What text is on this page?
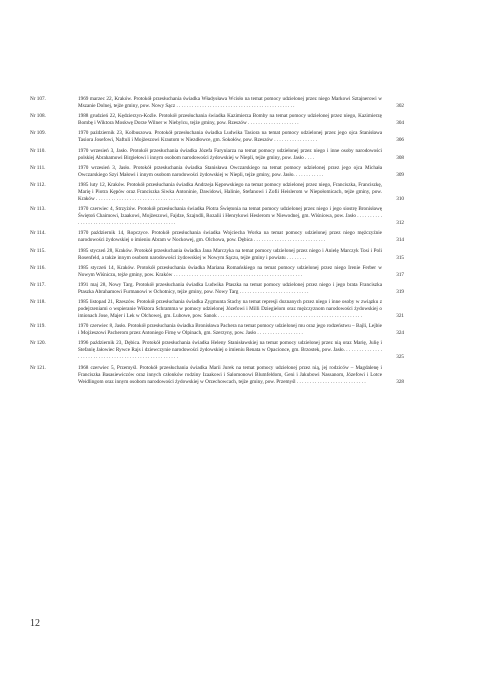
Nr 107.	1969 marzec 22, Kraków. Protokół przesłuchania świadka Władysława Wcisło na temat pomocy udzielonej przez niego Markowi Sztajnerowi w Mszanie Dolnej, tejże gminy, pow. Nowy Sącz . . . . . . . . . . . . . . . . . . . . . . . . . . . . . . . . . . . . . . . . . . . . . .	302
Nr 108.	1988 grudzień 22, Kędzierzyn-Koźle. Protokół przesłuchania świadka Kazimierza Bomby na temat pomocy udzielonej przez niego, Kazimierzę Bombę i Wiktora Moskwę Dorze Wilner w Niebylcu, tejże gminy, pow. Rzeszów . . . . . . . . . . . . . . . . . . . .	304
Nr 109.	1970 październik 23, Kolbuszowa. Protokół przesłuchania świadka Ludwika Tasiora na temat pomocy udzielonej przez jego ojca Stanisława Tasiora Josefowi, Naftuli i Mojżeszowi Krautom w Niezdłowce, gm. Sokołów, pow. Rzeszów . . . . . . . . . . . . . . . . .	306
Nr 110.	1970 wrzesień 3, Jasło. Protokół przesłuchania świadka Józefa Faryniarza na temat pomocy udzielonej przez niego i inne osoby narodowości polskiej Abrahamowi Birgiełowi i innym osobom narodowości żydowskiej w Niepli, tejże gminy, pow. Jasło . . . .	308
Nr 111.	1970 wrzesień 3, Jasło. Protokół przesłuchania świadka Stanisława Owczarskiego na temat pomocy udzielonej przez jego ojca Michała Owczarskiego Szyi Małowi i innym osobom narodowości żydowskiej w Niepli, tejże gminy, pow. Jasło. . . . . . . . . . . .	309
Nr 112.	1985 luty 12, Kraków. Protokół przesłuchania świadka Andrzeja Kępowskiego na temat pomocy udzielonej przez niego, Franciszka, Franciszkę, Marię i Piotra Kępów oraz Franciszka Siwka Antoninie, Dawidowi, Halinie, Stefanowi i Zofii Heislerom w Niepołomicach, tejże gminy, pow. Kraków . . . . . . . . . . . . . . . . . . . . . . . . . . . . . . . . . .	310
Nr 113.	1970 czerwiec 4, Strzyżów. Protokół przesłuchania świadka Piotra Świętonia na temat pomocy udzielonej przez niego i jego siostrę Bronisławę Świętoń Chaimowi, Izaakowi, Mojżeszowi, Fajdze, Szajndli, Rozalii i Henrykowi Heslerom w Niewodnej, gm. Wiśniowa, pow. Jasło . . . . . . . . . . . . . . . . . . . . . . . . . . . . . . . . . . . . . . . . . . . . . . . .	312
Nr 114.	1970 październik 14, Ropczyce. Protokół przesłuchania świadka Wojciecha Worka na temat pomocy udzielonej przez niego mężczyźnie narodowości żydowskiej o imieniu Abram w Nockowej, gm. Olchowa, pow. Dębica . . . . . . . . . . . . . . . . . . . . . . . . . . . .	314
Nr 115.	1985 styczeń 28, Kraków. Protokół przesłuchania świadka Jana Marczyka na temat pomocy udzielonej przez niego i Anielę Marczyk Tosi i Poli Rosenfeld, a także innym osobom narodowości żydowskiej w Nowym Sączu, tejże gminy i powiatu . . . . . . . .	315
Nr 116.	1985 styczeń 14, Kraków. Protokół przesłuchania świadka Mariana Romańskiego na temat pomocy udzielonej przez niego Irenie Ferber w Nowym Wiśniczu, tejże gminy, pow. Kraków . . . . . . . . . . . . . . . . . . . . . . . . . . . . . . . . . . . . . . . . . . . . . . . . . .	317
Nr 117.	1991 maj 28, Nowy Targ. Protokół przesłuchania świadka Ludwika Ptaszka na temat pomocy udzielonej przez niego i jego brata Franciszka Ptaszka Abrahamowi Furmanowi w Ochotnicy, tejże gminy, pow. Nowy Targ . . . . . . . . . . . . . . . . . . . . . . . . . . .	319
Nr 118.	1985 listopad 21, Rzeszów. Protokół przesłuchania świadka Zygmunta Stachy na temat represji doznanych przez niego i inne osoby w związku z podejrzeniami o wspieranie Wiktora Schramma w pomocy udzielonej Józefowi i Milli Dziegielom oraz mężczyznom narodowości żydowskiej o imionach Jose, Majer i Lek w Olchowej, gm. Lubowe, pow. Sanok . . . . . . . . . . . . . . . . . . . . . . . . . . . . . . . . . . . . . . . . . . . . . . . . . . . . . . . .	321
Nr 119.	1970 czerwiec 8, Jasło. Protokół przesłuchania świadka Bronisława Pachera na temat pomocy udzielonej mu oraz jego rodzeństwu – Bajli, Lejbie i Mojżeszowi Pacherom przez Antoniego Firnę w Olpinach, gm. Szerzyny, pow. Jasło . . . . . . . . . . . . . . . . . .	324
Nr 120.	1996 październik 23, Dębica. Protokół przesłuchania świadka Heleny Stanisławskiej na temat pomocy udzielonej przez nią oraz Marię, Julię i Stefanię Jałowiec Rywce Rajs i dziewczynie narodowości żydowskiej o imieniu Renata w Opacionce, gm. Brzostek, pow. Jasło. . . . . . . . . . . . . . . . . . . . . . . . . . . . . . . . . . . . . . . . . . . . . . . . . . . . . .	325
Nr 121.	1968 czerwiec 5, Przemyśl. Protokół przesłuchania świadka Marii Jurek na temat pomocy udzielonej przez nią, jej rodziców – Magdalenę i Franciszka Basasiewiczów oraz innych członków rodziny Izaakowi i Salomonowi Blumfeldom, Geni i Jakubowi Nassanom, Józefowi i Lotce Weidlingom oraz innym osobom narodowości żydowskiej w Orzechowcach, tejże gminy, pow. Przemyśl . . . . . . . . . . . . . . . . . . . . . . . . . . .	328
12
